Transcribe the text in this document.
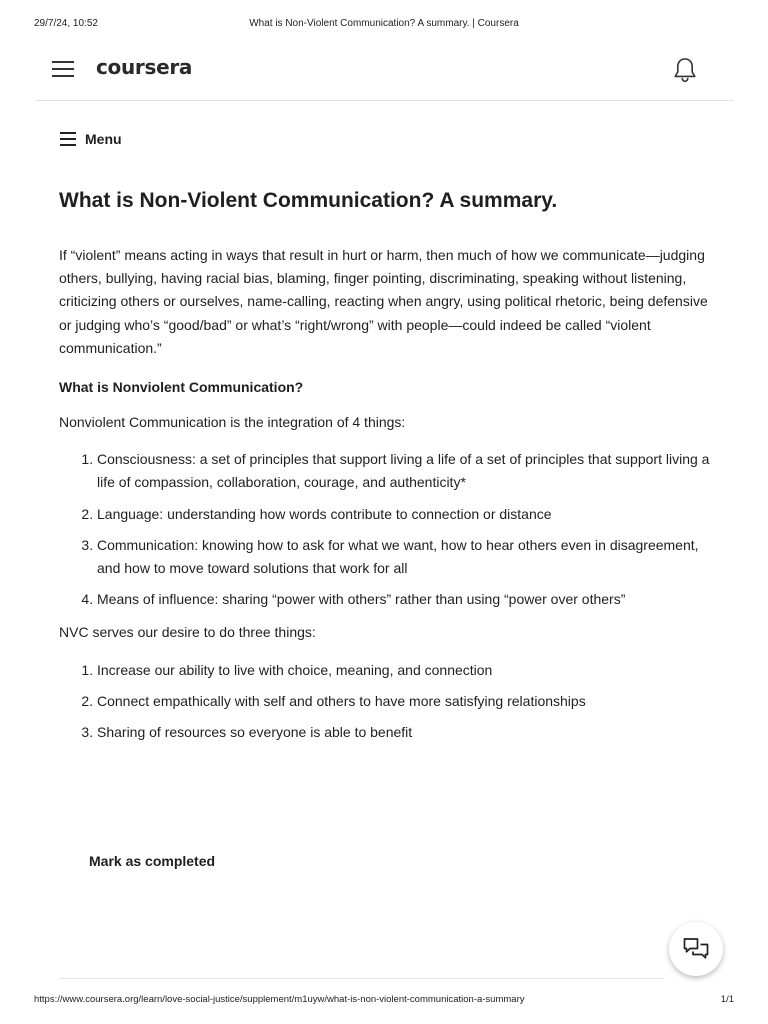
29/7/24, 10:52	What is Non-Violent Communication? A summary. | Coursera
coursera
Menu
What is Non-Violent Communication? A summary.

If “violent” means acting in ways that result in hurt or harm, then much of how we communicate—judging others, bullying, having racial bias, blaming, finger pointing, discriminating, speaking without listening, criticizing others or ourselves, name-calling, reacting when angry, using political rhetoric, being defensive or judging who’s “good/bad” or what’s “right/wrong” with people—could indeed be called “violent communication.”

What is Nonviolent Communication?

Nonviolent Communication is the integration of 4 things:

1. Consciousness: a set of principles that support living a life of a set of principles that support living a life of compassion, collaboration, courage, and authenticity*
2. Language: understanding how words contribute to connection or distance
3. Communication: knowing how to ask for what we want, how to hear others even in disagreement, and how to move toward solutions that work for all
4. Means of influence: sharing “power with others” rather than using “power over others”

NVC serves our desire to do three things:

1. Increase our ability to live with choice, meaning, and connection
2. Connect empathically with self and others to have more satisfying relationships
3. Sharing of resources so everyone is able to benefit
Mark as completed
https://www.coursera.org/learn/love-social-justice/supplement/m1uyw/what-is-non-violent-communication-a-summary	1/1
